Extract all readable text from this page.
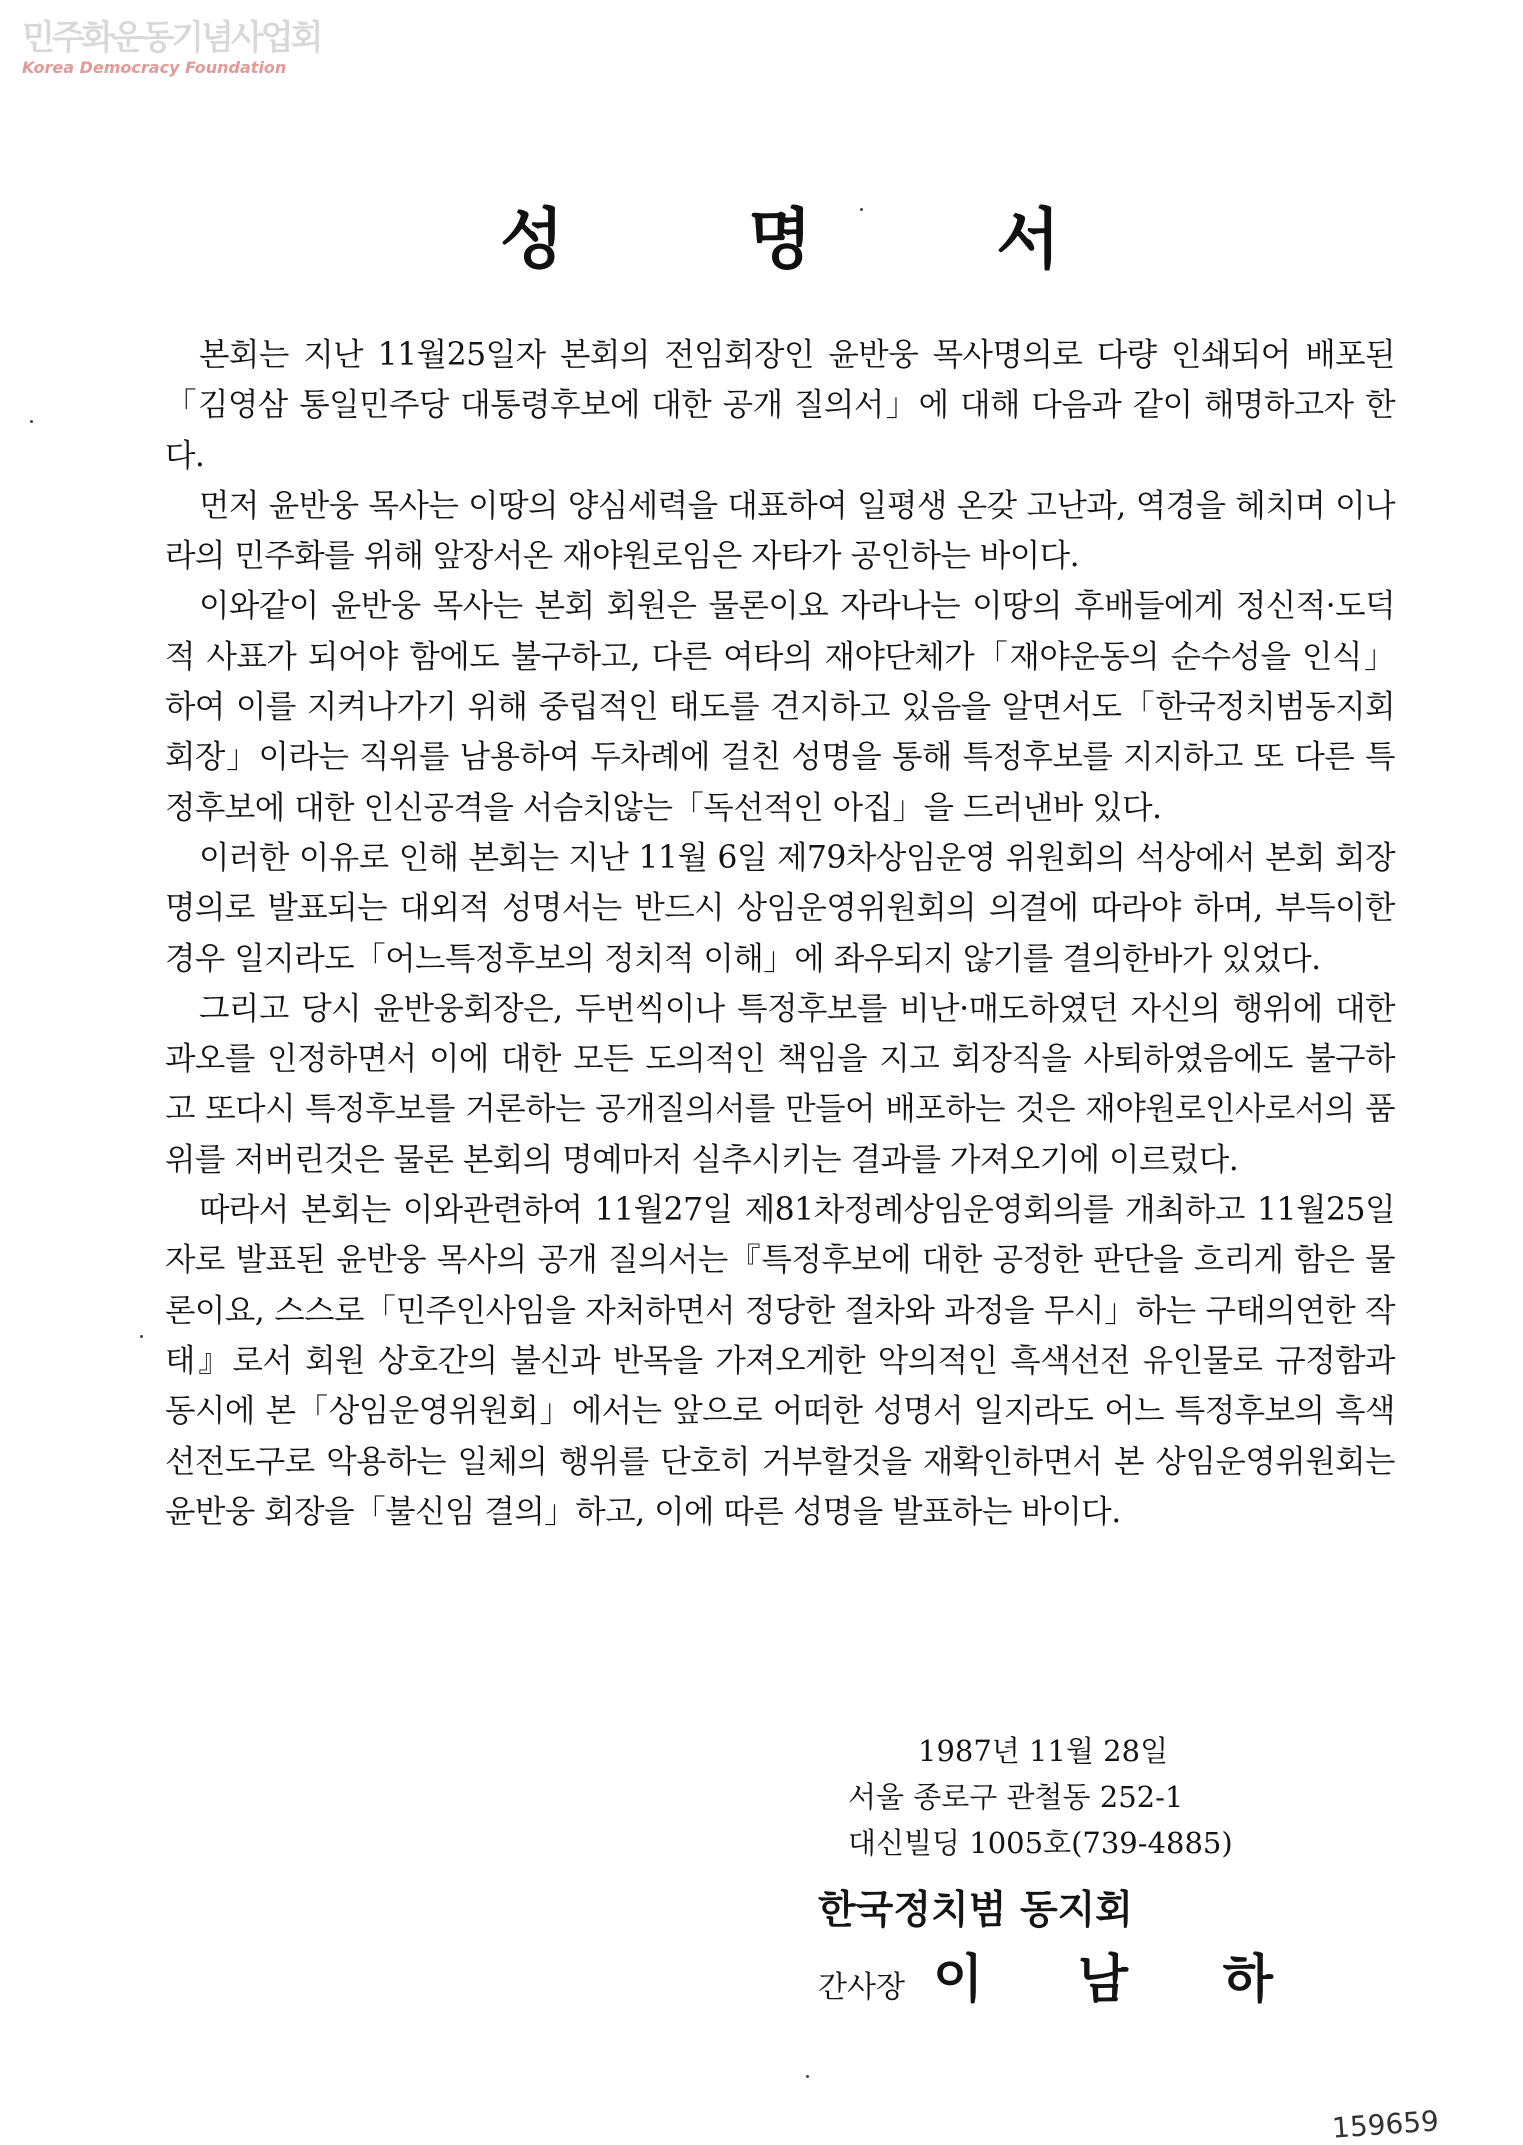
민주화운동기념사업회
Korea Democracy Foundation
성	명	서

본회는 지난 11월25일자 본회의 전임회장인 윤반웅 목사명의로 다량 인쇄되어 배포된「김영삼 통일민주당 대통령후보에 대한 공개 질의서」에 대해 다음과 같이 해명하고자 한다.

먼저 윤반웅 목사는 이땅의 양심세력을 대표하여 일평생 온갖 고난과, 역경을 헤치며 이나라의 민주화를 위해 앞장서온 재야원로임은 자타가 공인하는 바이다.

이와같이 윤반웅 목사는 본회 회원은 물론이요 자라나는 이땅의 후배들에게 정신적·도덕적 사표가 되어야 함에도 불구하고, 다른 여타의 재야단체가「재야운동의 순수성을 인식」하여 이를 지켜나가기 위해 중립적인 태도를 견지하고 있음을 알면서도「한국정치범동지회 회장」이라는 직위를 남용하여 두차례에 걸친 성명을 통해 특정후보를 지지하고 또 다른 특정후보에 대한 인신공격을 서슴치않는「독선적인 아집」을 드러낸바 있다.

이러한 이유로 인해 본회는 지난 11월 6일 제79차상임운영 위원회의 석상에서 본회 회장 명의로 발표되는 대외적 성명서는 반드시 상임운영위원회의 의결에 따라야 하며, 부득이한 경우 일지라도「어느특정후보의 정치적 이해」에 좌우되지 않기를 결의한바가 있었다.

그리고 당시 윤반웅회장은, 두번씩이나 특정후보를 비난·매도하였던 자신의 행위에 대한 과오를 인정하면서 이에 대한 모든 도의적인 책임을 지고 회장직을 사퇴하였음에도 불구하고 또다시 특정후보를 거론하는 공개질의서를 만들어 배포하는 것은 재야원로인사로서의 품위를 저버린것은 물론 본회의 명예마저 실추시키는 결과를 가져오기에 이르렀다.

따라서 본회는 이와관련하여 11월27일 제81차정례상임운영회의를 개최하고 11월25일자로 발표된 윤반웅 목사의 공개 질의서는『특정후보에 대한 공정한 판단을 흐리게 함은 물론이요, 스스로「민주인사임을 자처하면서 정당한 절차와 과정을 무시」하는 구태의연한 작태』로서 회원 상호간의 불신과 반목을 가져오게한 악의적인 흑색선전 유인물로 규정함과 동시에 본「상임운영위원회」에서는 앞으로 어떠한 성명서 일지라도 어느 특정후보의 흑색선전도구로 악용하는 일체의 행위를 단호히 거부할것을 재확인하면서 본 상임운영위원회는 윤반웅 회장을「불신임 결의」하고, 이에 따른 성명을 발표하는 바이다.

1987년 11월 28일
서울 종로구 관철동 252-1
대신빌딩 1005호(739-4885)
한국정치범 동지회
간사장 이 남 하
159659
